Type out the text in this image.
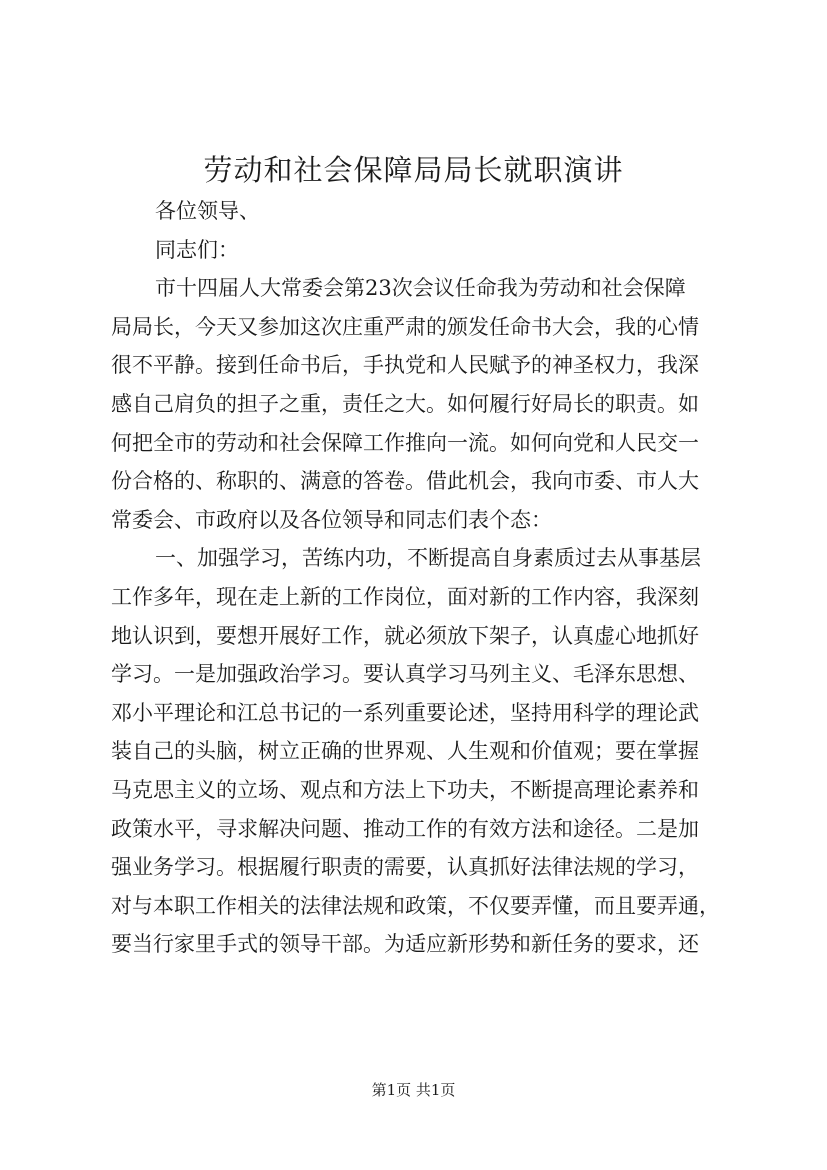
劳动和社会保障局局长就职演讲
各位领导、
同志们：
市十四届人大常委会第23次会议任命我为劳动和社会保障
局局长，今天又参加这次庄重严肃的颁发任命书大会，我的心情
很不平静。接到任命书后，手执党和人民赋予的神圣权力，我深
感自己肩负的担子之重，责任之大。如何履行好局长的职责。如
何把全市的劳动和社会保障工作推向一流。如何向党和人民交一
份合格的、称职的、满意的答卷。借此机会，我向市委、市人大
常委会、市政府以及各位领导和同志们表个态：
一、加强学习，苦练内功，不断提高自身素质过去从事基层
工作多年，现在走上新的工作岗位，面对新的工作内容，我深刻
地认识到，要想开展好工作，就必须放下架子，认真虚心地抓好
学习。一是加强政治学习。要认真学习马列主义、毛泽东思想、
邓小平理论和江总书记的一系列重要论述，坚持用科学的理论武
装自己的头脑，树立正确的世界观、人生观和价值观；要在掌握
马克思主义的立场、观点和方法上下功夫，不断提高理论素养和
政策水平，寻求解决问题、推动工作的有效方法和途径。二是加
强业务学习。根据履行职责的需要，认真抓好法律法规的学习，
对与本职工作相关的法律法规和政策，不仅要弄懂，而且要弄通，
要当行家里手式的领导干部。为适应新形势和新任务的要求，还
第1页 共1页
